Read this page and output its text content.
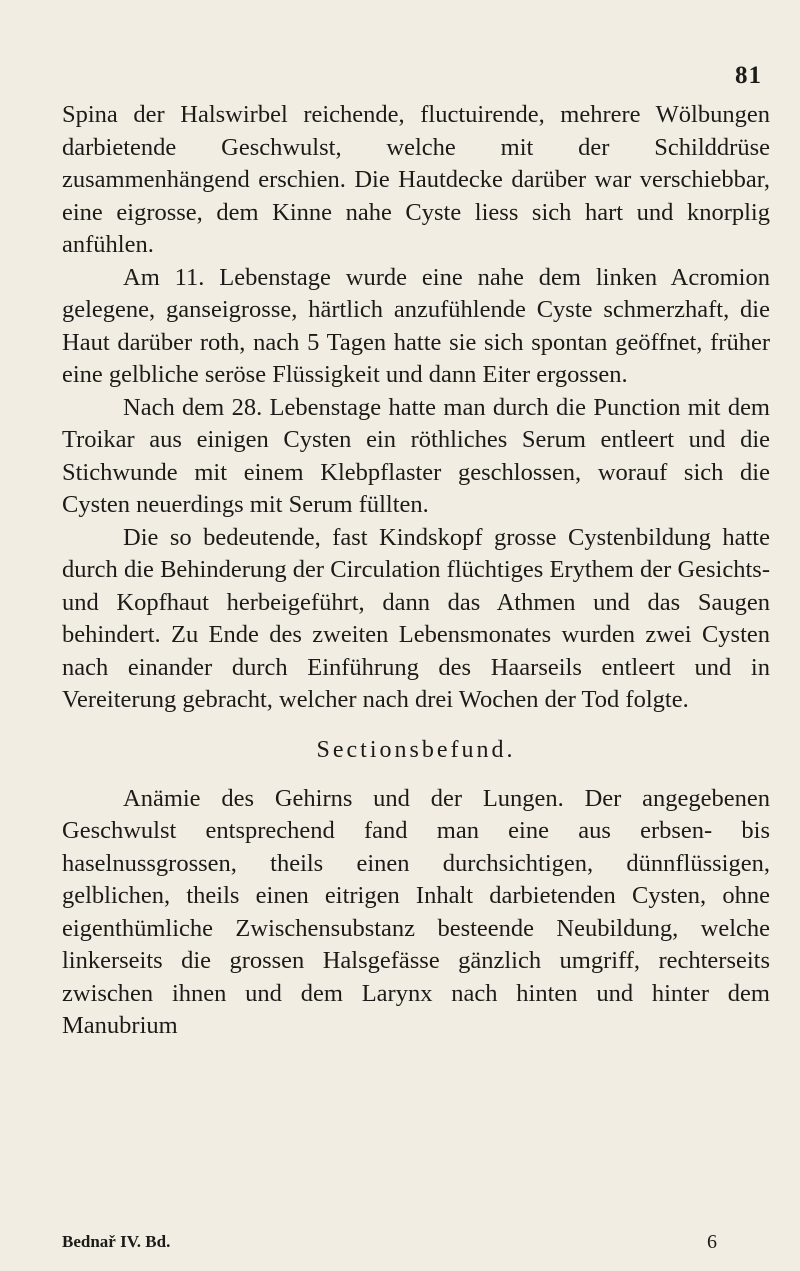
81

Spina der Halswirbel reichende, fluctuirende, mehrere Wölbungen darbietende Geschwulst, welche mit der Schilddrüse zusammenhängend erschien. Die Hautdecke darüber war verschiebbar, eine eigrosse, dem Kinne nahe Cyste liess sich hart und knorplig anfühlen.

Am 11. Lebenstage wurde eine nahe dem linken Acromion gelegene, ganseigrosse, härtlich anzufühlende Cyste schmerzhaft, die Haut darüber roth, nach 5 Tagen hatte sie sich spontan geöffnet, früher eine gelbliche seröse Flüssigkeit und dann Eiter ergossen.

Nach dem 28. Lebenstage hatte man durch die Punction mit dem Troikar aus einigen Cysten ein röthliches Serum entleert und die Stichwunde mit einem Klebpflaster geschlossen, worauf sich die Cysten neuerdings mit Serum füllten.

Die so bedeutende, fast Kindskopf grosse Cystenbildung hatte durch die Behinderung der Circulation flüchtiges Erythem der Gesichts- und Kopfhaut herbeigeführt, dann das Athmen und das Saugen behindert. Zu Ende des zweiten Lebensmonates wurden zwei Cysten nach einander durch Einführung des Haarseils entleert und in Vereiterung gebracht, welcher nach drei Wochen der Tod folgte.

Sectionsbefund.

Anämie des Gehirns und der Lungen. Der angegebenen Geschwulst entsprechend fand man eine aus erbsen- bis haselnussgrossen, theils einen durchsichtigen, dünnflüssigen, gelblichen, theils einen eitrigen Inhalt darbietenden Cysten, ohne eigenthümliche Zwischensubstanz besteende Neubildung, welche linkerseits die grossen Halsgefässe gänzlich umgriff, rechterseits zwischen ihnen und dem Larynx nach hinten und hinter dem Manubrium

Bednař IV. Bd.	6
